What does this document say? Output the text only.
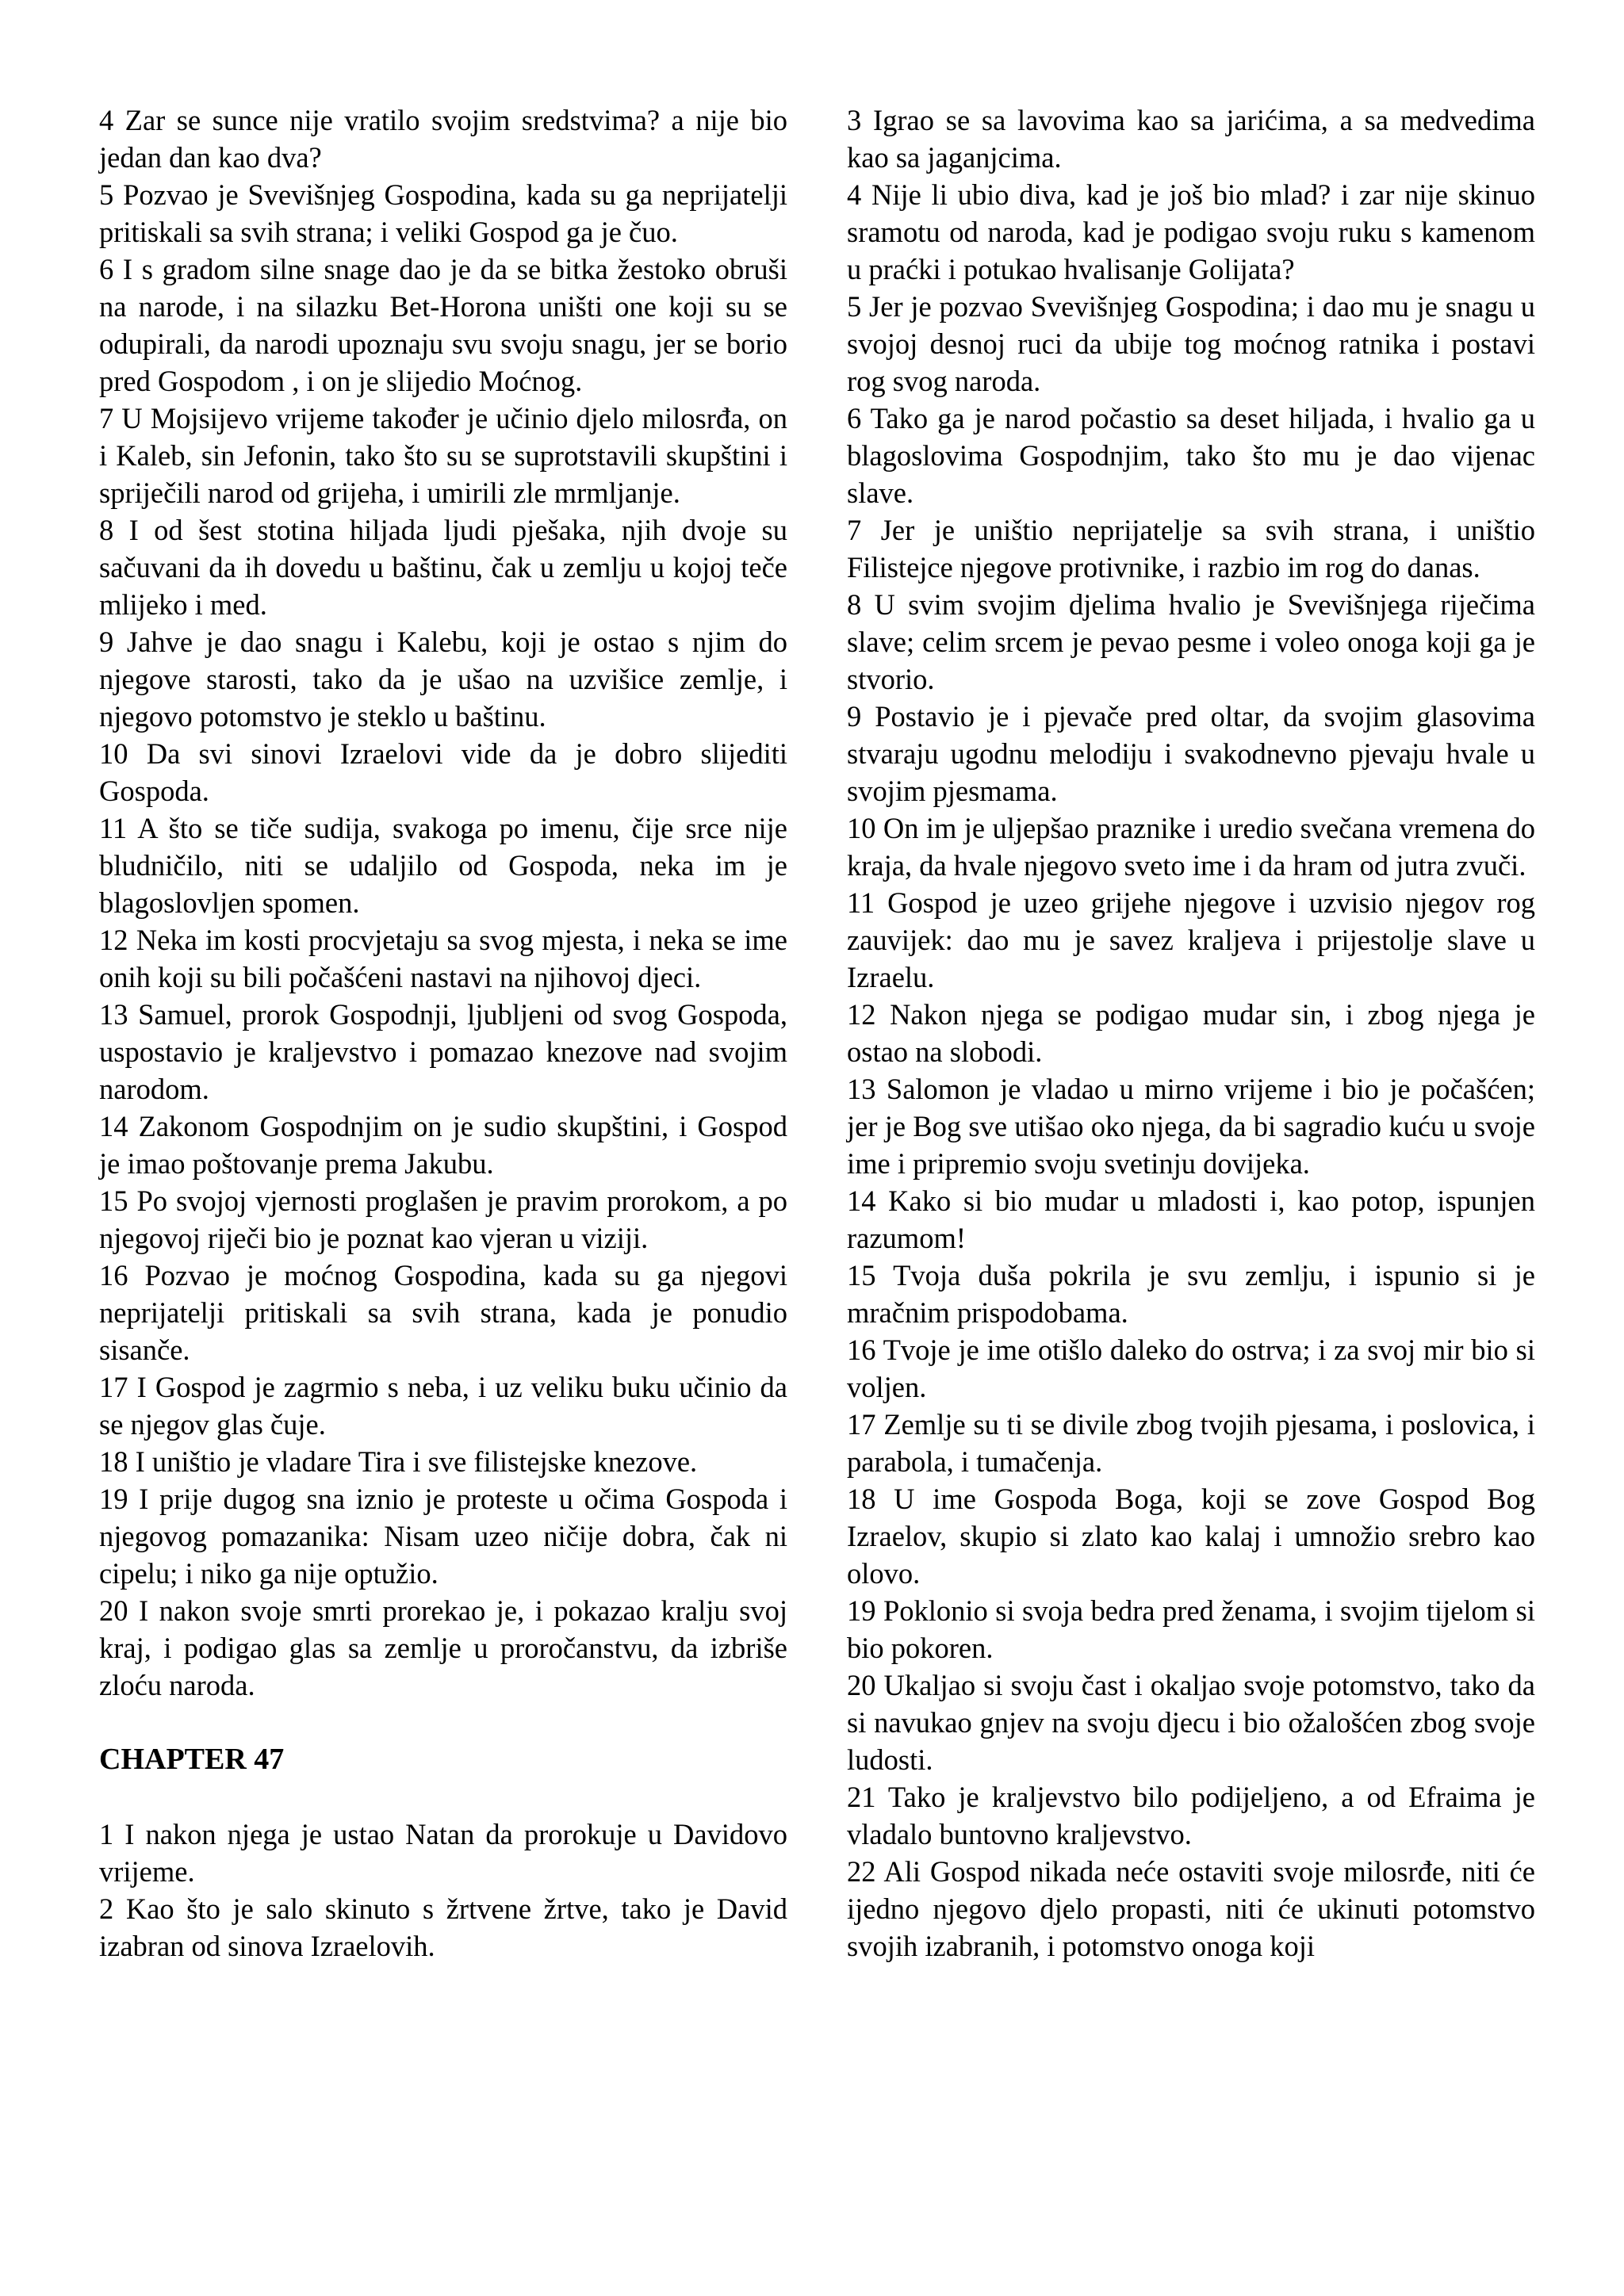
4 Zar se sunce nije vratilo svojim sredstvima? a nije bio jedan dan kao dva?

5 Pozvao je Svevišnjeg Gospodina, kada su ga neprijatelji pritiskali sa svih strana; i veliki Gospod ga je čuo.

6 I s gradom silne snage dao je da se bitka žestoko obruši na narode, i na silazku Bet-Horona uništi one koji su se odupirali, da narodi upoznaju svu svoju snagu, jer se borio pred Gospodom , i on je slijedio Moćnog.

7 U Mojsijevo vrijeme također je učinio djelo milosrđa, on i Kaleb, sin Jefonin, tako što su se suprotstavili skupštini i spriječili narod od grijeha, i umirili zle mrmljanje.

8 I od šest stotina hiljada ljudi pješaka, njih dvoje su sačuvani da ih dovedu u baštinu, čak u zemlju u kojoj teče mlijeko i med.

9 Jahve je dao snagu i Kalebu, koji je ostao s njim do njegove starosti, tako da je ušao na uzvišice zemlje, i njegovo potomstvo je steklo u baštinu.

10 Da svi sinovi Izraelovi vide da je dobro slijediti Gospoda.

11 A što se tiče sudija, svakoga po imenu, čije srce nije bludničilo, niti se udaljilo od Gospoda, neka im je blagoslovljen spomen.

12 Neka im kosti procvjetaju sa svog mjesta, i neka se ime onih koji su bili počašćeni nastavi na njihovoj djeci.

13 Samuel, prorok Gospodnji, ljubljeni od svog Gospoda, uspostavio je kraljevstvo i pomazao knezove nad svojim narodom.

14 Zakonom Gospodnjim on je sudio skupštini, i Gospod je imao poštovanje prema Jakubu.

15 Po svojoj vjernosti proglašen je pravim prorokom, a po njegovoj riječi bio je poznat kao vjeran u viziji.

16 Pozvao je moćnog Gospodina, kada su ga njegovi neprijatelji pritiskali sa svih strana, kada je ponudio sisanče.

17 I Gospod je zagrmio s neba, i uz veliku buku učinio da se njegov glas čuje.

18 I uništio je vladare Tira i sve filistejske knezove.

19 I prije dugog sna iznio je proteste u očima Gospoda i njegovog pomazanika: Nisam uzeo ničije dobra, čak ni cipelu; i niko ga nije optužio.

20 I nakon svoje smrti prorekao je, i pokazao kralju svoj kraj, i podigao glas sa zemlje u proročanstvu, da izbriše zloću naroda.

CHAPTER 47

1 I nakon njega je ustao Natan da prorokuje u Davidovo vrijeme.

2 Kao što je salo skinuto s žrtvene žrtve, tako je David izabran od sinova Izraelovih.

3 Igrao se sa lavovima kao sa jarićima, a sa medvedima kao sa jaganjcima.

4 Nije li ubio diva, kad je još bio mlad? i zar nije skinuo sramotu od naroda, kad je podigao svoju ruku s kamenom u praćki i potukao hvalisanje Golijata?

5 Jer je pozvao Svevišnjeg Gospodina; i dao mu je snagu u svojoj desnoj ruci da ubije tog moćnog ratnika i postavi rog svog naroda.

6 Tako ga je narod počastio sa deset hiljada, i hvalio ga u blagoslovima Gospodnjim, tako što mu je dao vijenac slave.

7 Jer je uništio neprijatelje sa svih strana, i uništio Filistejce njegove protivnike, i razbio im rog do danas.

8 U svim svojim djelima hvalio je Svevišnjega riječima slave; celim srcem je pevao pesme i voleo onoga koji ga je stvorio.

9 Postavio je i pjevače pred oltar, da svojim glasovima stvaraju ugodnu melodiju i svakodnevno pjevaju hvale u svojim pjesmama.

10 On im je uljepšao praznike i uredio svečana vremena do kraja, da hvale njegovo sveto ime i da hram od jutra zvuči.

11 Gospod je uzeo grijehe njegove i uzvisio njegov rog zauvijek: dao mu je savez kraljeva i prijestolje slave u Izraelu.

12 Nakon njega se podigao mudar sin, i zbog njega je ostao na slobodi.

13 Salomon je vladao u mirno vrijeme i bio je počašćen; jer je Bog sve utišao oko njega, da bi sagradio kuću u svoje ime i pripremio svoju svetinju dovijeka.

14 Kako si bio mudar u mladosti i, kao potop, ispunjen razumom!

15 Tvoja duša pokrila je svu zemlju, i ispunio si je mračnim prispodobama.

16 Tvoje je ime otišlo daleko do ostrva; i za svoj mir bio si voljen.

17 Zemlje su ti se divile zbog tvojih pjesama, i poslovica, i parabola, i tumačenja.

18 U ime Gospoda Boga, koji se zove Gospod Bog Izraelov, skupio si zlato kao kalaj i umnožio srebro kao olovo.

19 Poklonio si svoja bedra pred ženama, i svojim tijelom si bio pokoren.

20 Ukaljao si svoju čast i okaljao svoje potomstvo, tako da si navukao gnjev na svoju djecu i bio ožalošćen zbog svoje ludosti.

21 Tako je kraljevstvo bilo podijeljeno, a od Efraima je vladalo buntovno kraljevstvo.

22 Ali Gospod nikada neće ostaviti svoje milosrđe, niti će ijedno njegovo djelo propasti, niti će ukinuti potomstvo svojih izabranih, i potomstvo onoga koji
